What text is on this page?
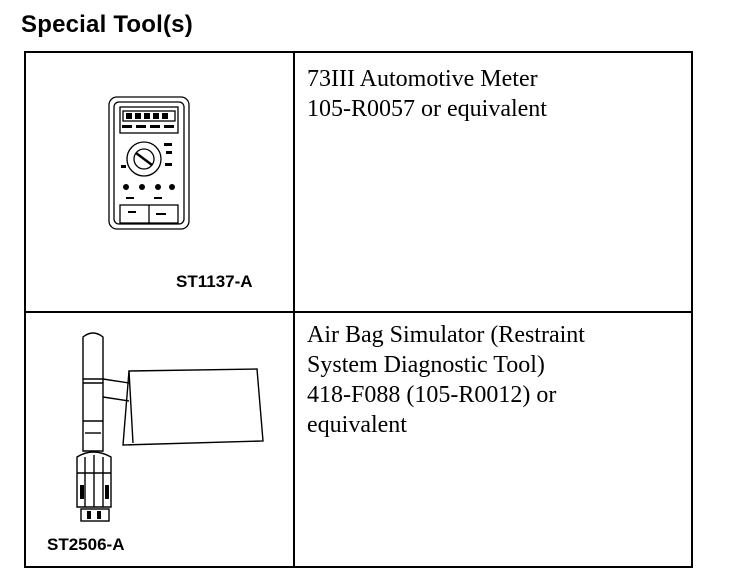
Special Tool(s)
ST1137-A
73III Automotive Meter
105-R0057 or equivalent
ST2506-A
Air Bag Simulator (Restraint
System Diagnostic Tool)
418-F088 (105-R0012) or
equivalent
